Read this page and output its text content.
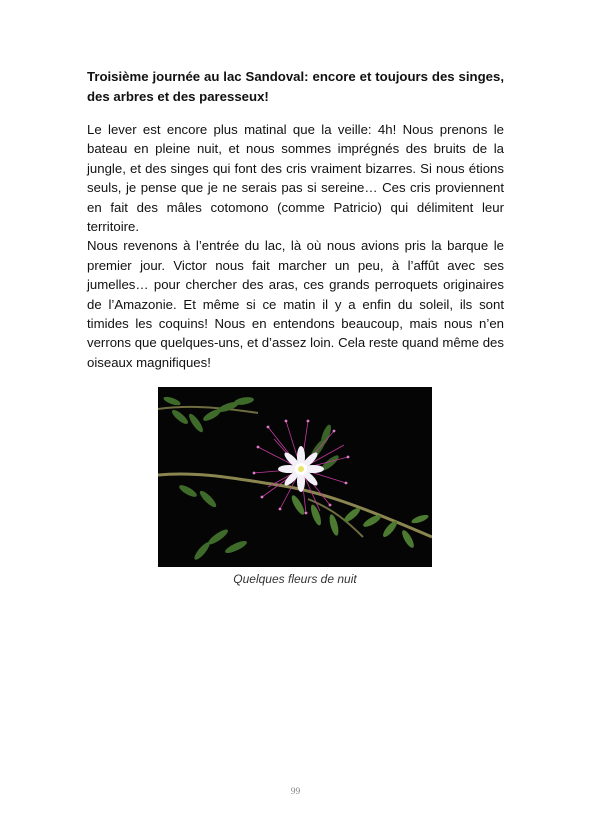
Troisième journée au lac Sandoval: encore et toujours des singes, des arbres et des paresseux!

Le lever est encore plus matinal que la veille: 4h! Nous prenons le bateau en pleine nuit, et nous sommes imprégnés des bruits de la jungle, et des singes qui font des cris vraiment bizarres. Si nous étions seuls, je pense que je ne serais pas si sereine… Ces cris proviennent en fait des mâles cotomono (comme Patricio) qui délimitent leur territoire.

Nous revenons à l’entrée du lac, là où nous avions pris la barque le premier jour. Victor nous fait marcher un peu, à l’affût avec ses jumelles… pour chercher des aras, ces grands perroquets originaires de l’Amazonie. Et même si ce matin il y a enfin du soleil, ils sont timides les coquins! Nous en entendons beaucoup, mais nous n’en verrons que quelques-uns, et d’assez loin. Cela reste quand même des oiseaux magnifiques!

Quelques fleurs de nuit
99
